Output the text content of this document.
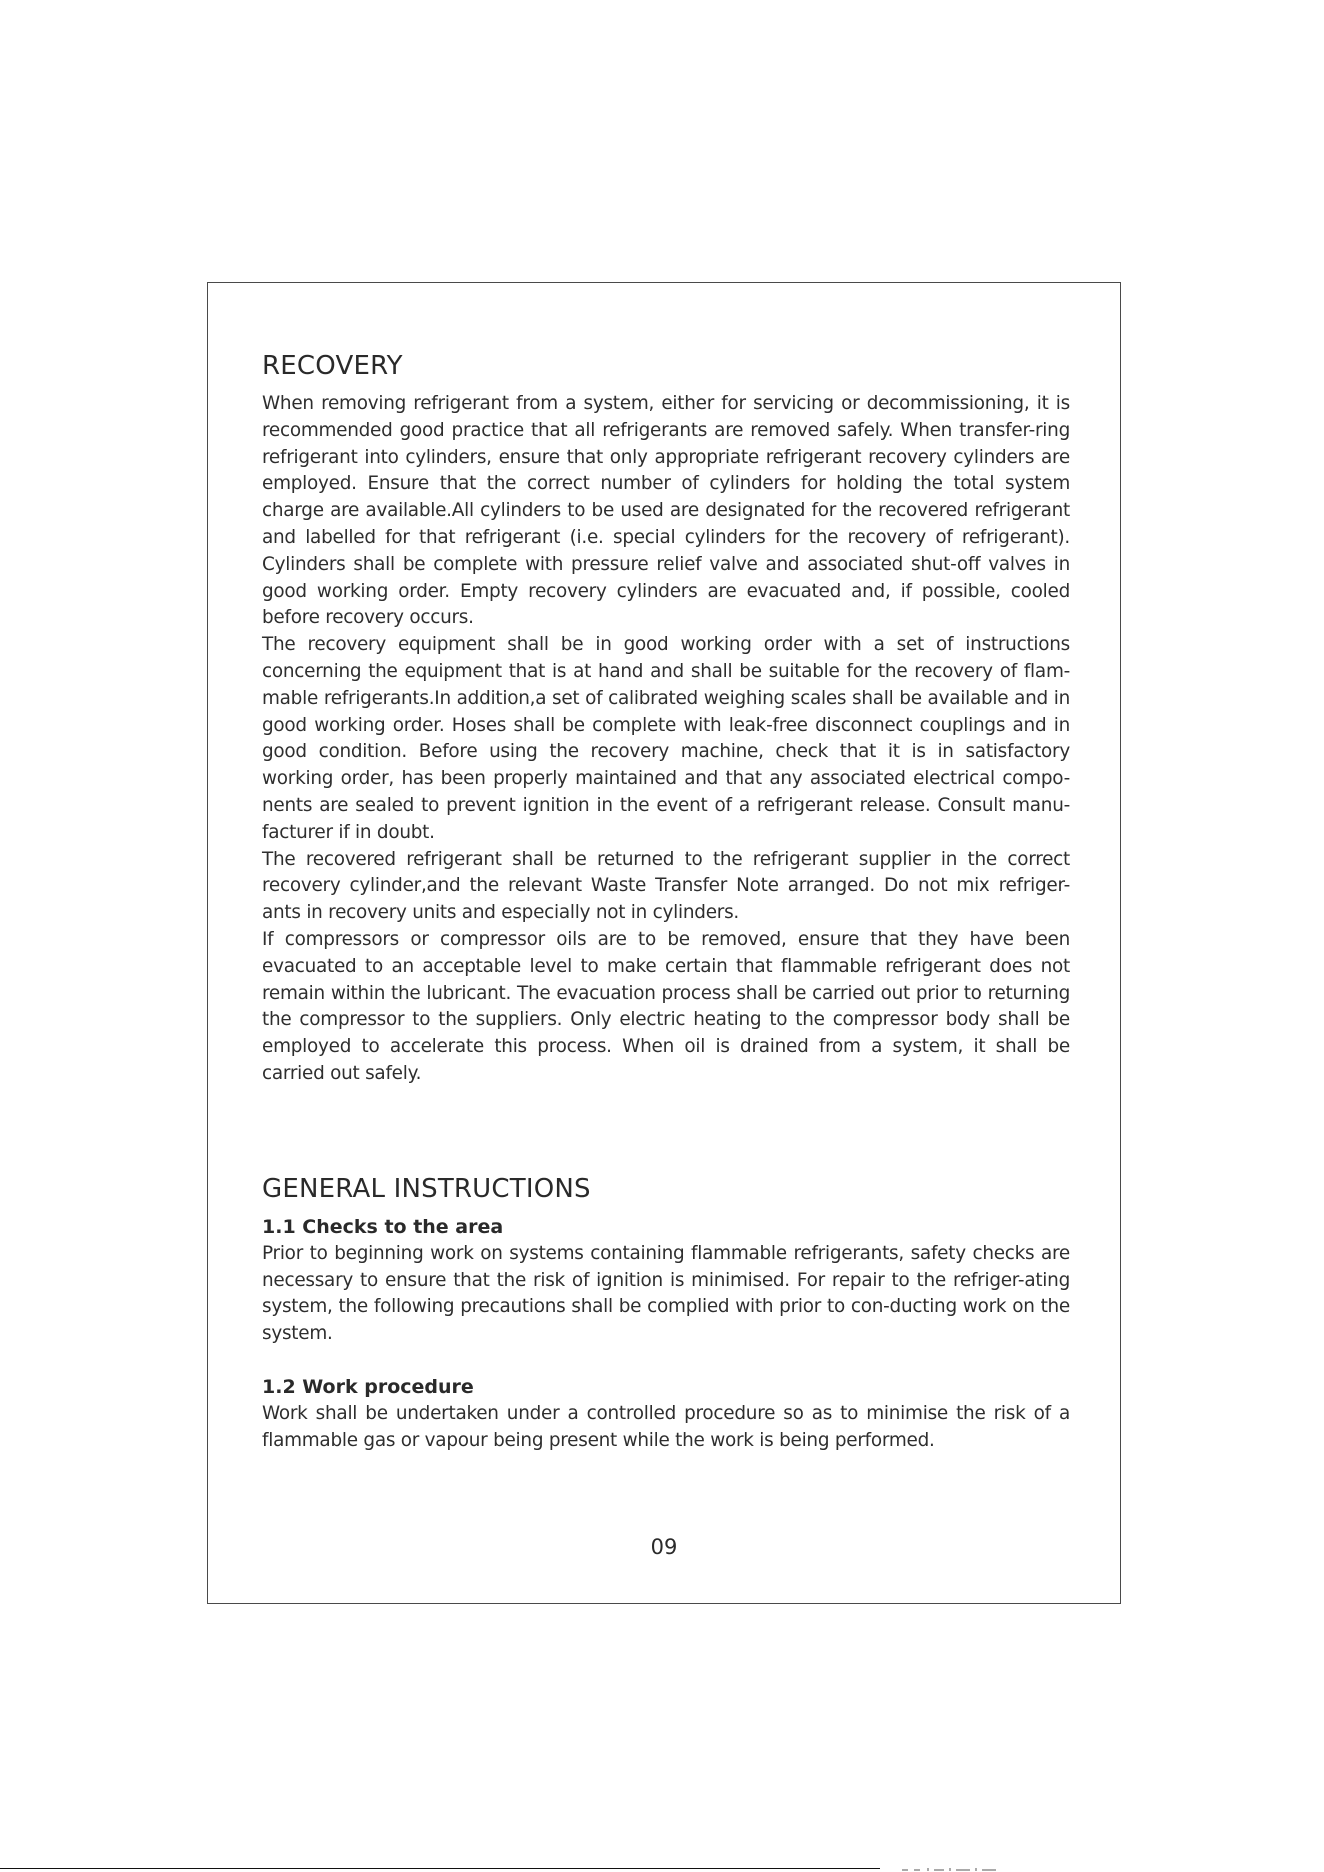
RECOVERY

When removing refrigerant from a system, either for servicing or decommissioning, it is recommended good practice that all refrigerants are removed safely. When transfer-ring refrigerant into cylinders, ensure that only appropriate refrigerant recovery cylinders are employed. Ensure that the correct number of cylinders for holding the total system charge are available.All cylinders to be used are designated for the recovered refrigerant and labelled for that refrigerant (i.e. special cylinders for the recovery of refrigerant). Cylinders shall be complete with pressure relief valve and associated shut-off valves in good working order. Empty recovery cylinders are evacuated and, if possible, cooled before recovery occurs.

The recovery equipment shall be in good working order with a set of instructions concerning the equipment that is at hand and shall be suitable for the recovery of flam-mable refrigerants.In addition,a set of calibrated weighing scales shall be available and in good working order. Hoses shall be complete with leak-free disconnect couplings and in good condition. Before using the recovery machine, check that it is in satisfactory working order, has been properly maintained and that any associated electrical compo-nents are sealed to prevent ignition in the event of a refrigerant release. Consult manu-facturer if in doubt.

The recovered refrigerant shall be returned to the refrigerant supplier in the correct recovery cylinder,and the relevant Waste Transfer Note arranged. Do not mix refriger-ants in recovery units and especially not in cylinders.

If compressors or compressor oils are to be removed, ensure that they have been evacuated to an acceptable level to make certain that flammable refrigerant does not remain within the lubricant. The evacuation process shall be carried out prior to returning the compressor to the suppliers. Only electric heating to the compressor body shall be employed to accelerate this process. When oil is drained from a system, it shall be carried out safely.

GENERAL INSTRUCTIONS
1.1 Checks to the area

Prior to beginning work on systems containing flammable refrigerants, safety checks are necessary to ensure that the risk of ignition is minimised. For repair to the refriger-ating system, the following precautions shall be complied with prior to con-ducting work on the system.

1.2 Work procedure

Work shall be undertaken under a controlled procedure so as to minimise the risk of a flammable gas or vapour being present while the work is being performed.

09
